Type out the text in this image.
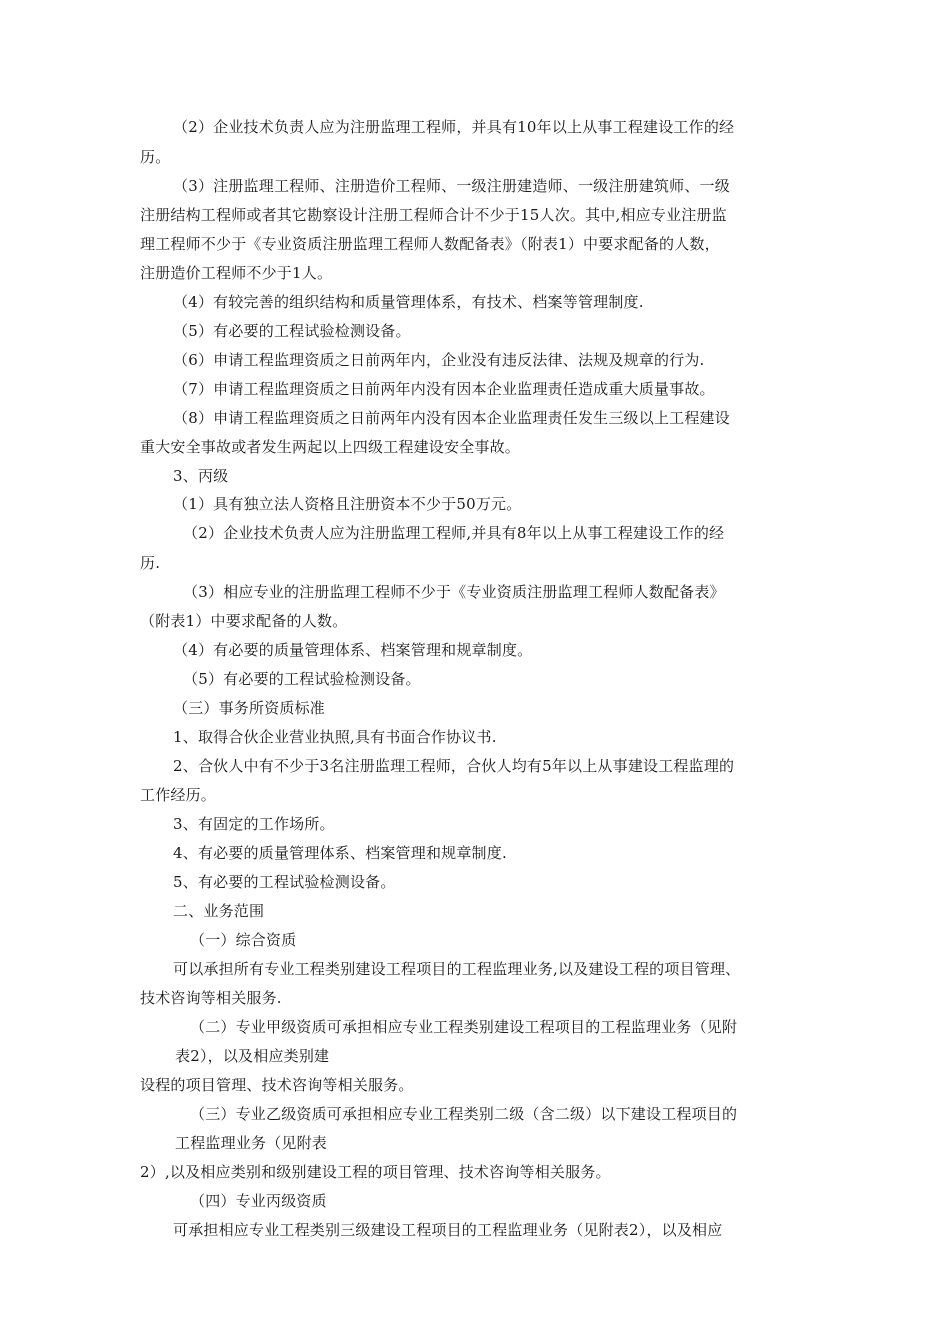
（2）企业技术负责人应为注册监理工程师，并具有10年以上从事工程建设工作的经
历。
（3）注册监理工程师、注册造价工程师、一级注册建造师、一级注册建筑师、一级
注册结构工程师或者其它勘察设计注册工程师合计不少于15人次。其中,相应专业注册监
理工程师不少于《专业资质注册监理工程师人数配备表》（附表1）中要求配备的人数，
注册造价工程师不少于1人。
（4）有较完善的组织结构和质量管理体系，有技术、档案等管理制度.
（5）有必要的工程试验检测设备。
（6）申请工程监理资质之日前两年内，企业没有违反法律、法规及规章的行为.
（7）申请工程监理资质之日前两年内没有因本企业监理责任造成重大质量事故。
（8）申请工程监理资质之日前两年内没有因本企业监理责任发生三级以上工程建设
重大安全事故或者发生两起以上四级工程建设安全事故。
3、丙级
（1）具有独立法人资格且注册资本不少于50万元。
（2）企业技术负责人应为注册监理工程师,并具有8年以上从事工程建设工作的经
历.
（3）相应专业的注册监理工程师不少于《专业资质注册监理工程师人数配备表》
（附表1）中要求配备的人数。
（4）有必要的质量管理体系、档案管理和规章制度。
（5）有必要的工程试验检测设备。
（三）事务所资质标准
1、取得合伙企业营业执照,具有书面合作协议书.
2、合伙人中有不少于3名注册监理工程师，合伙人均有5年以上从事建设工程监理的
工作经历。
3、有固定的工作场所。
4、有必要的质量管理体系、档案管理和规章制度.
5、有必要的工程试验检测设备。
二、业务范围
（一）综合资质
可以承担所有专业工程类别建设工程项目的工程监理业务,以及建设工程的项目管理、
技术咨询等相关服务.
（二）专业甲级资质可承担相应专业工程类别建设工程项目的工程监理业务（见附
表2），以及相应类别建
设程的项目管理、技术咨询等相关服务。
（三）专业乙级资质可承担相应专业工程类别二级（含二级）以下建设工程项目的
工程监理业务（见附表
2）,以及相应类别和级别建设工程的项目管理、技术咨询等相关服务。
（四）专业丙级资质
可承担相应专业工程类别三级建设工程项目的工程监理业务（见附表2），以及相应
